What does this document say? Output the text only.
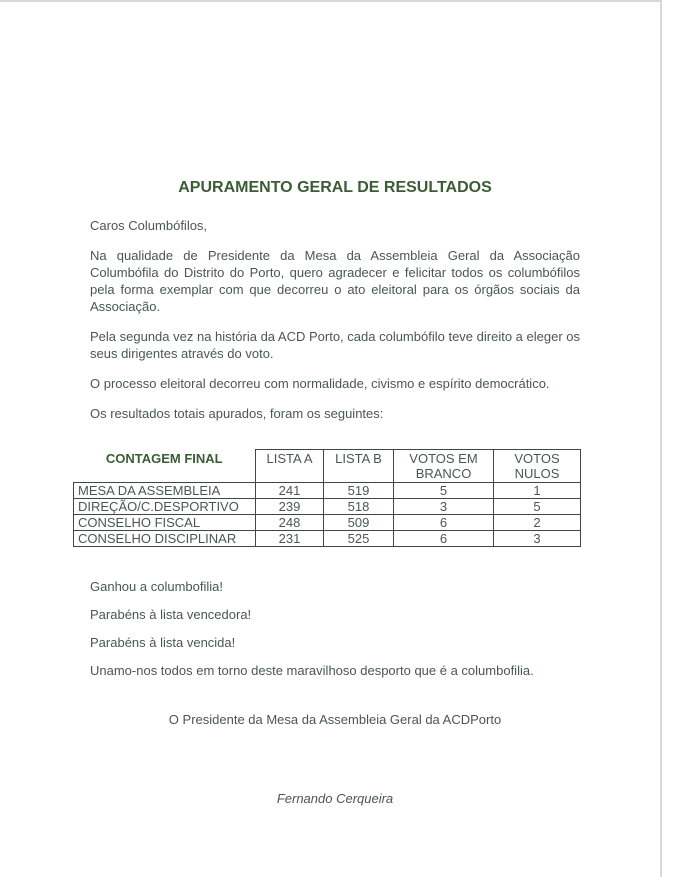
APURAMENTO GERAL DE RESULTADOS

Caros Columbófilos,

Na qualidade de Presidente da Mesa da Assembleia Geral da Associação Columbófila do Distrito do Porto, quero agradecer e felicitar todos os columbófilos pela forma exemplar com que decorreu o ato eleitoral para os órgãos sociais da Associação.

Pela segunda vez na história da ACD Porto, cada columbófilo teve direito a eleger os seus dirigentes através do voto.

O processo eleitoral decorreu com normalidade, civismo e espírito democrático.

Os resultados totais apurados, foram os seguintes:

CONTAGEM FINAL	LISTA A	LISTA B	VOTOS EM BRANCO	VOTOS NULOS
MESA DA ASSEMBLEIA	241	519	5	1
DIREÇÃO/C.DESPORTIVO	239	518	3	5
CONSELHO FISCAL	248	509	6	2
CONSELHO DISCIPLINAR	231	525	6	3

Ganhou a columbofilia!

Parabéns à lista vencedora!

Parabéns à lista vencida!

Unamo-nos todos em torno deste maravilhoso desporto que é a columbofilia.

O Presidente da Mesa da Assembleia Geral da ACDPorto

Fernando Cerqueira
